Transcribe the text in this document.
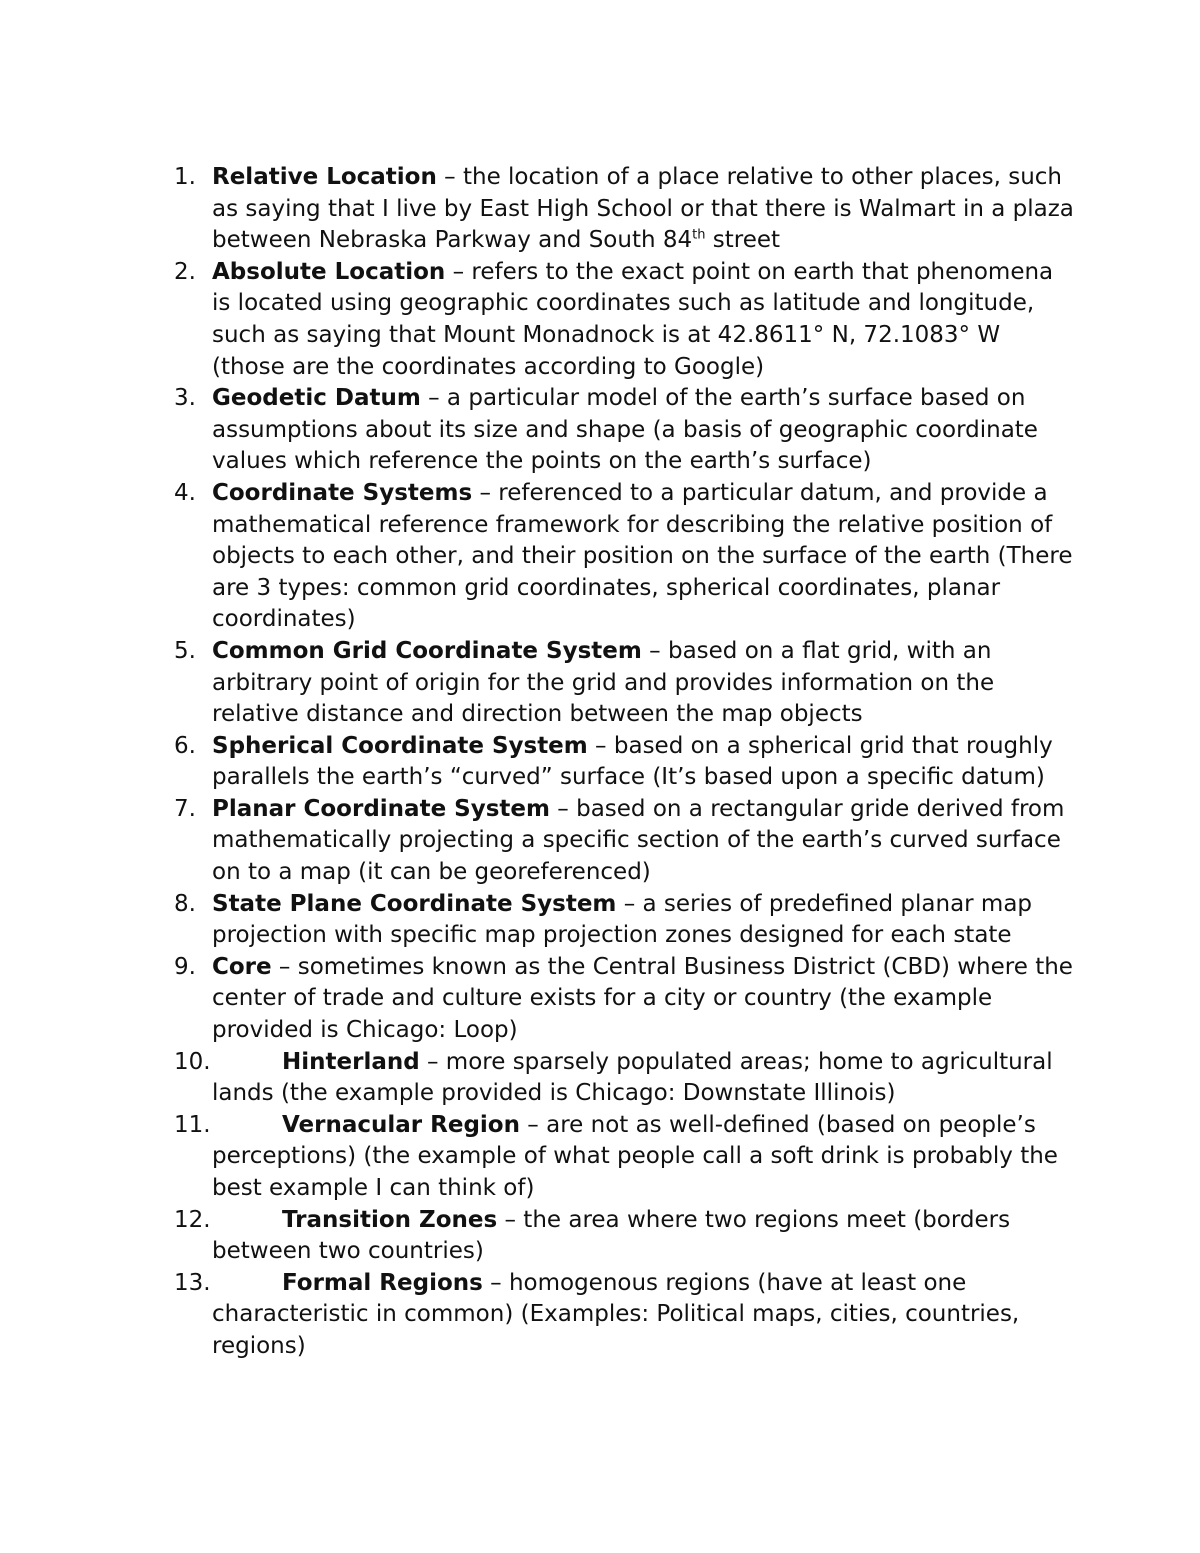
1. Relative Location – the location of a place relative to other places, such as saying that I live by East High School or that there is Walmart in a plaza between Nebraska Parkway and South 84th street
2. Absolute Location – refers to the exact point on earth that phenomena is located using geographic coordinates such as latitude and longitude, such as saying that Mount Monadnock is at 42.8611° N, 72.1083° W (those are the coordinates according to Google)
3. Geodetic Datum – a particular model of the earth’s surface based on assumptions about its size and shape (a basis of geographic coordinate values which reference the points on the earth’s surface)
4. Coordinate Systems – referenced to a particular datum, and provide a mathematical reference framework for describing the relative position of objects to each other, and their position on the surface of the earth (There are 3 types: common grid coordinates, spherical coordinates, planar coordinates)
5. Common Grid Coordinate System – based on a flat grid, with an arbitrary point of origin for the grid and provides information on the relative distance and direction between the map objects
6. Spherical Coordinate System – based on a spherical grid that roughly parallels the earth’s “curved” surface (It’s based upon a specific datum)
7. Planar Coordinate System – based on a rectangular gride derived from mathematically projecting a specific section of the earth’s curved surface on to a map (it can be georeferenced)
8. State Plane Coordinate System – a series of predefined planar map projection with specific map projection zones designed for each state
9. Core – sometimes known as the Central Business District (CBD) where the center of trade and culture exists for a city or country (the example provided is Chicago: Loop)
10.	Hinterland – more sparsely populated areas; home to agricultural lands (the example provided is Chicago: Downstate Illinois)
11.	Vernacular Region – are not as well-defined (based on people’s perceptions) (the example of what people call a soft drink is probably the best example I can think of)
12.	Transition Zones – the area where two regions meet (borders between two countries)
13.	Formal Regions – homogenous regions (have at least one characteristic in common) (Examples: Political maps, cities, countries, regions)
